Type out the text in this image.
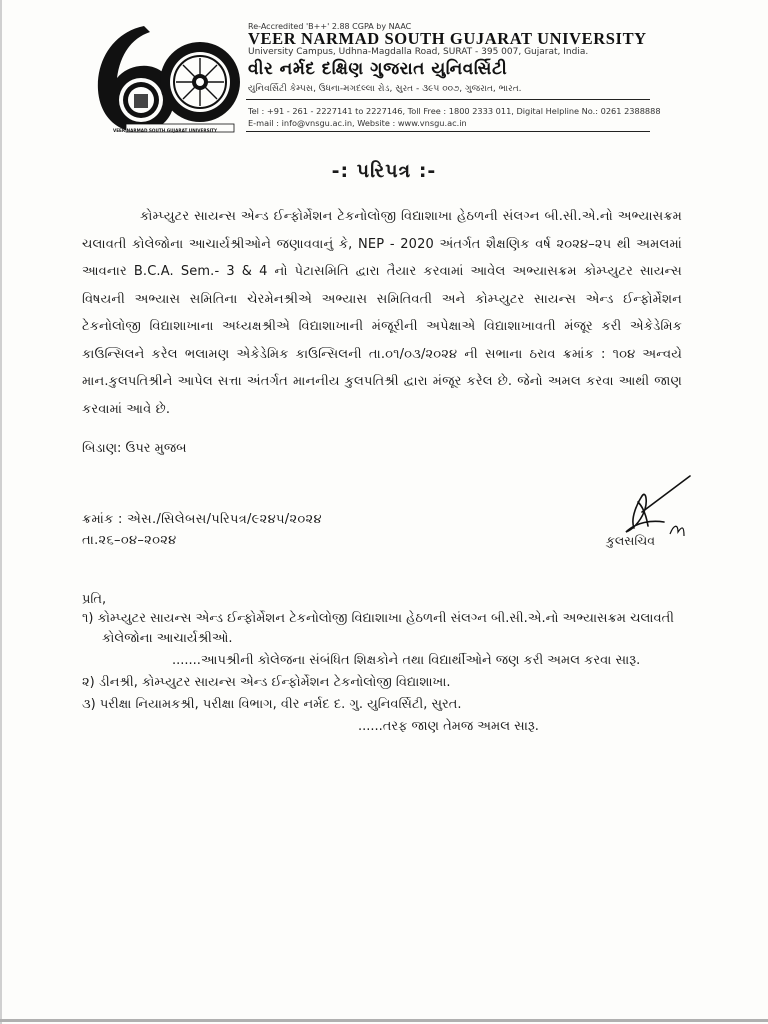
VEER NARMAD SOUTH GUJARAT UNIVERSITY
Re-Accredited 'B++' 2.88 CGPA by NAAC
VEER NARMAD SOUTH GUJARAT UNIVERSITY
University Campus, Udhna-Magdalla Road, SURAT - 395 007, Gujarat, India.
વીર નર્મદ દક્ષિણ ગુજરાત યુનિવર્સિટી
યુનિવર્સિટી કેમ્પસ, ઉધના-મગદલ્લા રોડ, સુરત - ૩૯૫ ૦૦૭, ગુજરાત, ભારત.
Tel : +91 - 261 - 2227141 to 2227146, Toll Free : 1800 2333 011, Digital Helpline No.: 0261 2388888
E-mail : info@vnsgu.ac.in, Website : www.vnsgu.ac.in
-: પરિપત્ર :-
કોમ્પ્યુટર સાયન્સ એન્ડ ઈન્ફોર્મેશન ટેકનોલોજી વિદ્યાશાખા હેઠળની સંલગ્ન બી.સી.એ.નો અભ્યાસક્રમ ચલાવતી કોલેજોના આચાર્યશ્રીઓને જણાવવાનું કે, NEP - 2020 અંતર્ગત શૈક્ષણિક વર્ષ ૨૦૨૪–૨૫ થી અમલમાં આવનાર B.C.A. Sem.- 3 & 4 નો પેટાસમિતિ દ્વારા તૈયાર કરવામાં આવેલ અભ્યાસક્રમ કોમ્પ્યુટર સાયન્સ વિષયની અભ્યાસ સમિતિના ચેરમેનશ્રીએ અભ્યાસ સમિતિવતી અને કોમ્પ્યુટર સાયન્સ એન્ડ ઈન્ફોર્મેશન ટેકનોલોજી વિદ્યાશાખાના અધ્યક્ષશ્રીએ વિદ્યાશાખાની મંજૂરીની અપેક્ષાએ વિદ્યાશાખાવતી મંજૂર કરી એકેડેમિક કાઉન્સિલને કરેલ ભલામણ એકેડેમિક કાઉન્સિલની તા.૦૧/૦૩/૨૦૨૪ ની સભાના ઠરાવ ક્રમાંક : ૧૦૪ અન્વયે માન.કુલપતિશ્રીને આપેલ સત્તા અંતર્ગત માનનીય કુલપતિશ્રી દ્વારા મંજૂર કરેલ છે. જેનો અમલ કરવા આથી જાણ કરવામાં આવે છે.
બિડાણ: ઉપર મુજબ
ક્રમાંક : એસ./સિલેબસ/પરિપત્ર/૯૨૪૫/૨૦૨૪
તા.૨૬–૦૪–૨૦૨૪	કુલસચિવ
પ્રતિ,
૧) કોમ્પ્યુટર સાયન્સ એન્ડ ઈન્ફોર્મેશન ટેકનોલોજી વિદ્યાશાખા હેઠળની સંલગ્ન બી.સી.એ.નો અભ્યાસક્રમ ચલાવતી
કોલેજોના આચાર્યશ્રીઓ.
.......આપશ્રીની કોલેજના સંબંધિત શિક્ષકોને તથા વિદ્યાર્થીઓને જણ કરી અમલ કરવા સારૂ.
૨) ડીનશ્રી, કોમ્પ્યુટર સાયન્સ એન્ડ ઈન્ફોર્મેશન ટેકનોલોજી વિદ્યાશાખા.
૩) પરીક્ષા નિયામકશ્રી, પરીક્ષા વિભાગ, વીર નર્મદ દ. ગુ. યુનિવર્સિટી, સુરત.
......તરફ જાણ તેમજ અમલ સારૂ.
